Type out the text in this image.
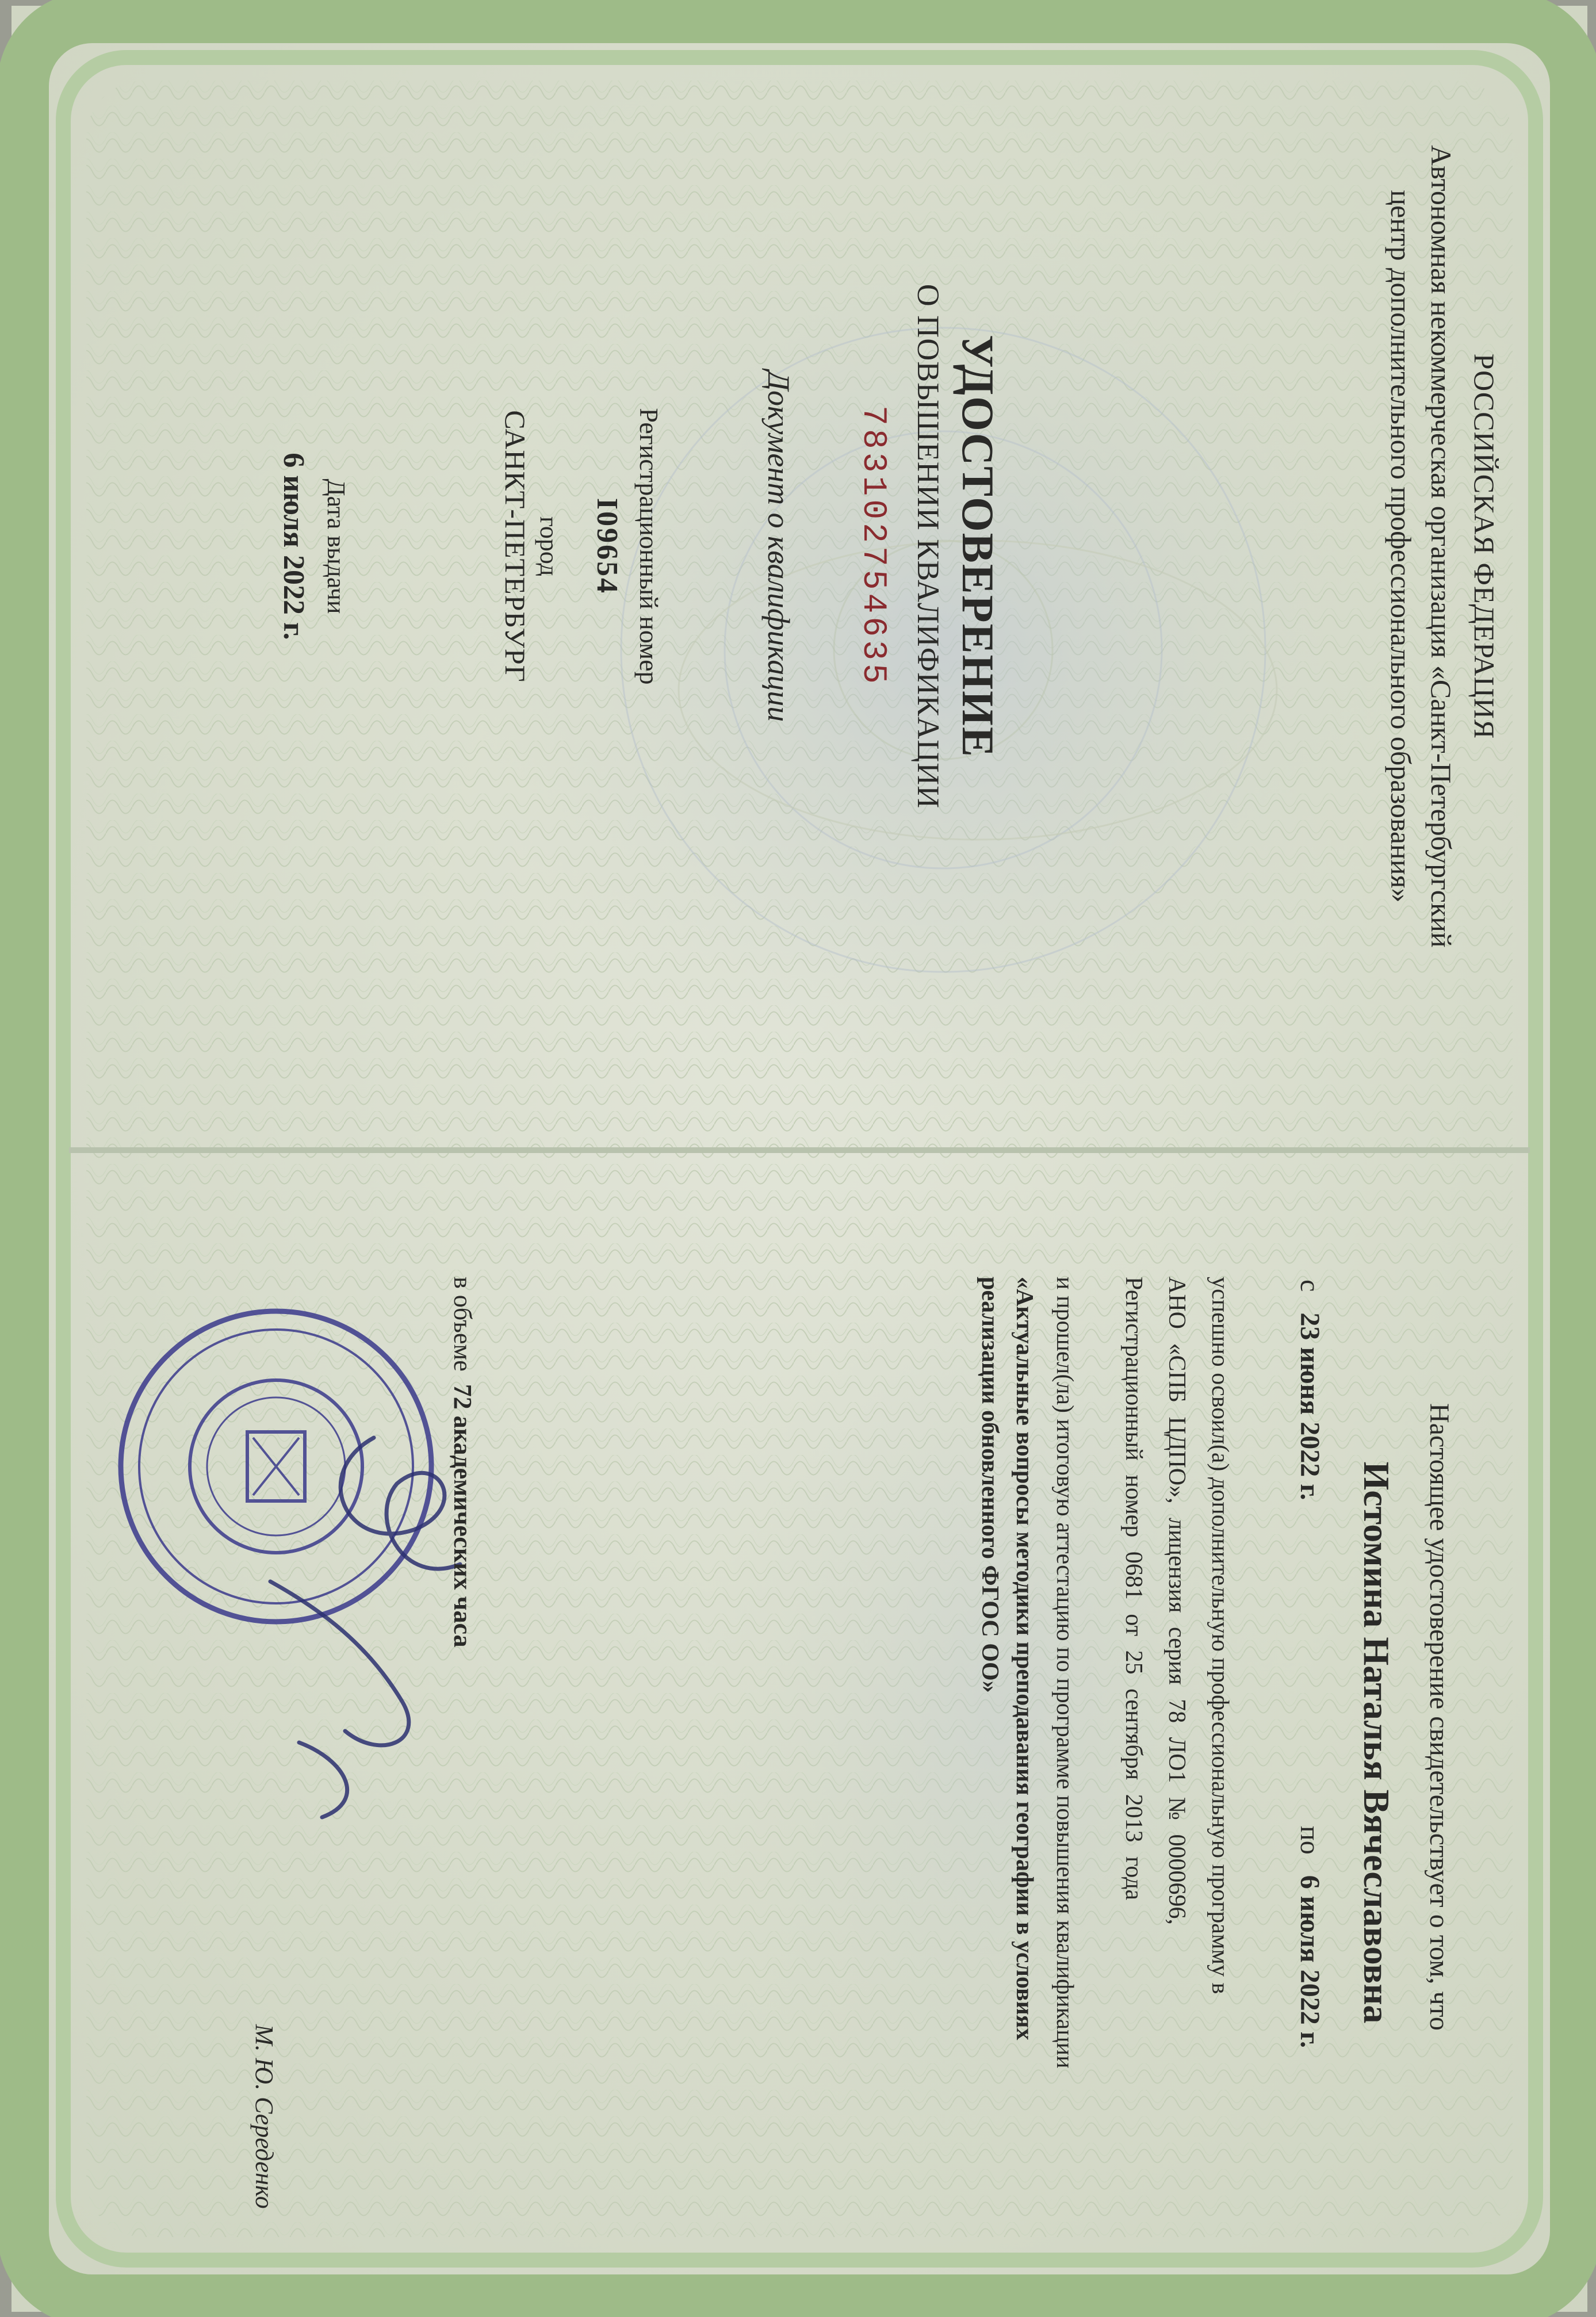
РОССИЙСКАЯ ФЕДЕРАЦИЯ
Автономная некоммерческая организация «Санкт-Петербургский
центр дополнительного профессионального образования»
УДОСТОВЕРЕНИЕ
О ПОВЫШЕНИИ КВАЛИФИКАЦИИ
783102754635
Документ о квалификации
Регистрационный номер
I09654
город
САНКТ-ПЕТЕРБУРГ
Дата выдачи
6 июля 2022 г.
Настоящее удостоверение свидетельствует о том, что
Истомина Наталья Вячеславовна
с   23 июня 2022 г.
по   6 июля 2022 г.
успешно освоил(а) дополнительную профессиональную программу в
АНО «СПБ ЦДПО», лицензия серия 78 ЛО1 № 0000696,
Регистрационный номер 0681 от 25 сентября 2013 года
и прошел(ла) итоговую аттестацию по программе повышения квалификации
«Актуальные вопросы методики преподавания географии в условиях
реализации обновленного ФГОС ОО»
в объеме  72 академических часа
М. Ю. Середенко
